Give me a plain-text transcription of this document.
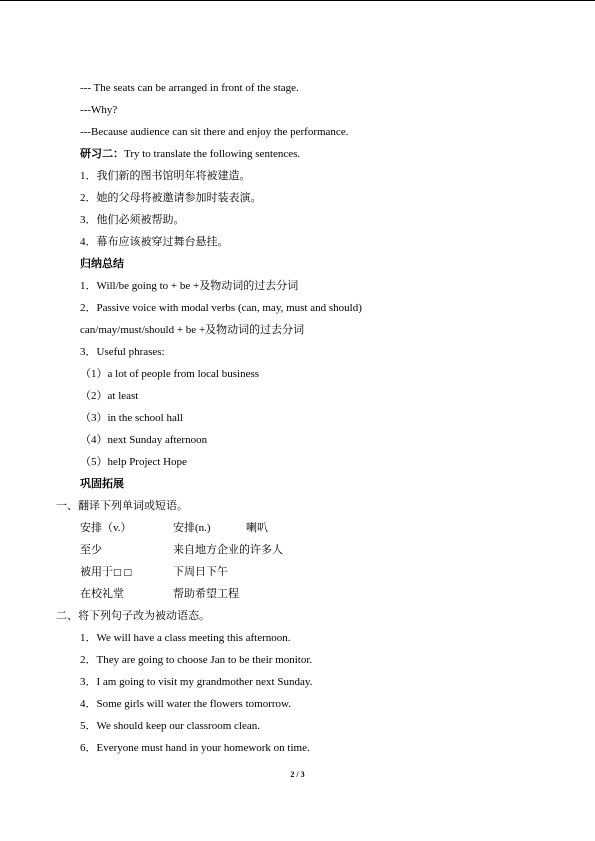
--- The seats can be arranged in front of the stage.
---Why?
---Because audience can sit there and enjoy the performance.
研习二：Try to translate the following sentences.
1．我们新的图书馆明年将被建造。
2．她的父母将被邀请参加时装表演。
3．他们必须被帮助。
4．幕布应该被穿过舞台悬挂。
归纳总结
1．Will/be going to + be +及物动词的过去分词
2．Passive voice with modal verbs (can, may, must and should)
can/may/must/should + be +及物动词的过去分词
3．Useful phrases:
（1）a lot of people from local business
（2）at least
（3）in the school hall
（4）next Sunday afternoon
（5）help Project Hope
巩固拓展
一、翻译下列单词或短语。
安排（v.）	安排(n.)	喇叭
至少	来自地方企业的许多人
被用于□□	下周日下午
在校礼堂	帮助希望工程
二、将下列句子改为被动语态。
1．We will have a class meeting this afternoon.
2．They are going to choose Jan to be their monitor.
3．I am going to visit my grandmother next Sunday.
4．Some girls will water the flowers tomorrow.
5．We should keep our classroom clean.
6．Everyone must hand in your homework on time.
2 / 3
